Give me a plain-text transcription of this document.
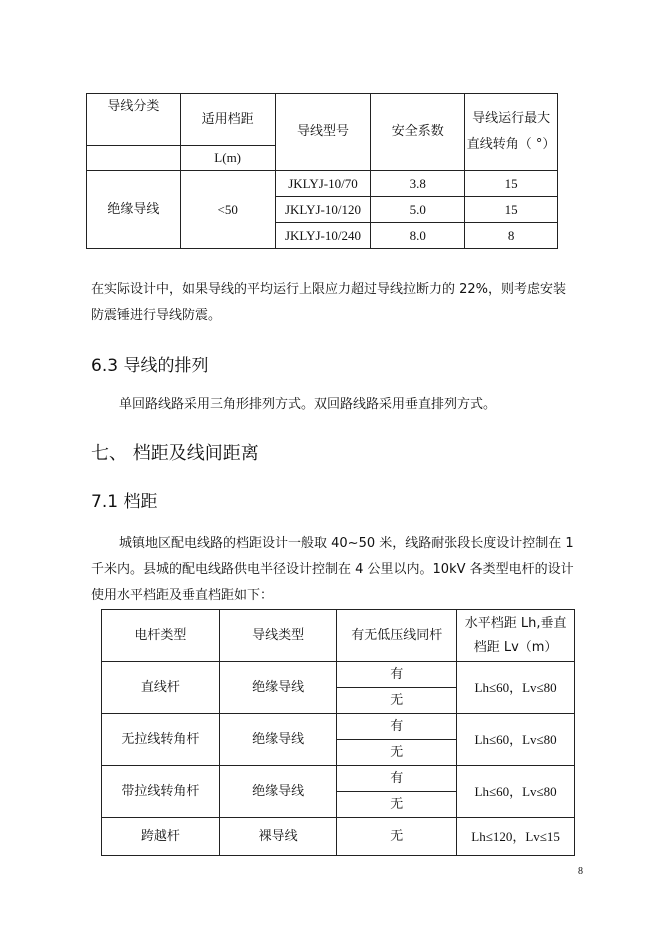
导线分类	适用档距	导线型号	安全系数	导线运行最大
直线转角（ °）

	L(m)			
绝缘导线	<50	JKLYJ-10/70	3.8	15
		JKLYJ-10/120	5.0	15
		JKLYJ-10/240	8.0	8
在实际设计中，如果导线的平均运行上限应力超过导线拉断力的 22%，则考虑安装
防震锤进行导线防震。
6.3 导线的排列
单回路线路采用三角形排列方式。双回路线路采用垂直排列方式。
七、 档距及线间距离
7.1 档距
城镇地区配电线路的档距设计一般取 40~50 米，线路耐张段长度设计控制在 1
千米内。县城的配电线路供电半径设计控制在 4 公里以内。10kV 各类型电杆的设计
使用水平档距及垂直档距如下：
电杆类型	导线类型	有无低压线同杆	水平档距 Lh,垂直
档距 Lv（m）

直线杆	绝缘导线	有	Lh≤60，Lv≤80
		无	
无拉线转角杆	绝缘导线	有	Lh≤60，Lv≤80
		无	
带拉线转角杆	绝缘导线	有	Lh≤60，Lv≤80
		无	
跨越杆	裸导线	无	Lh≤120，Lv≤15
8
